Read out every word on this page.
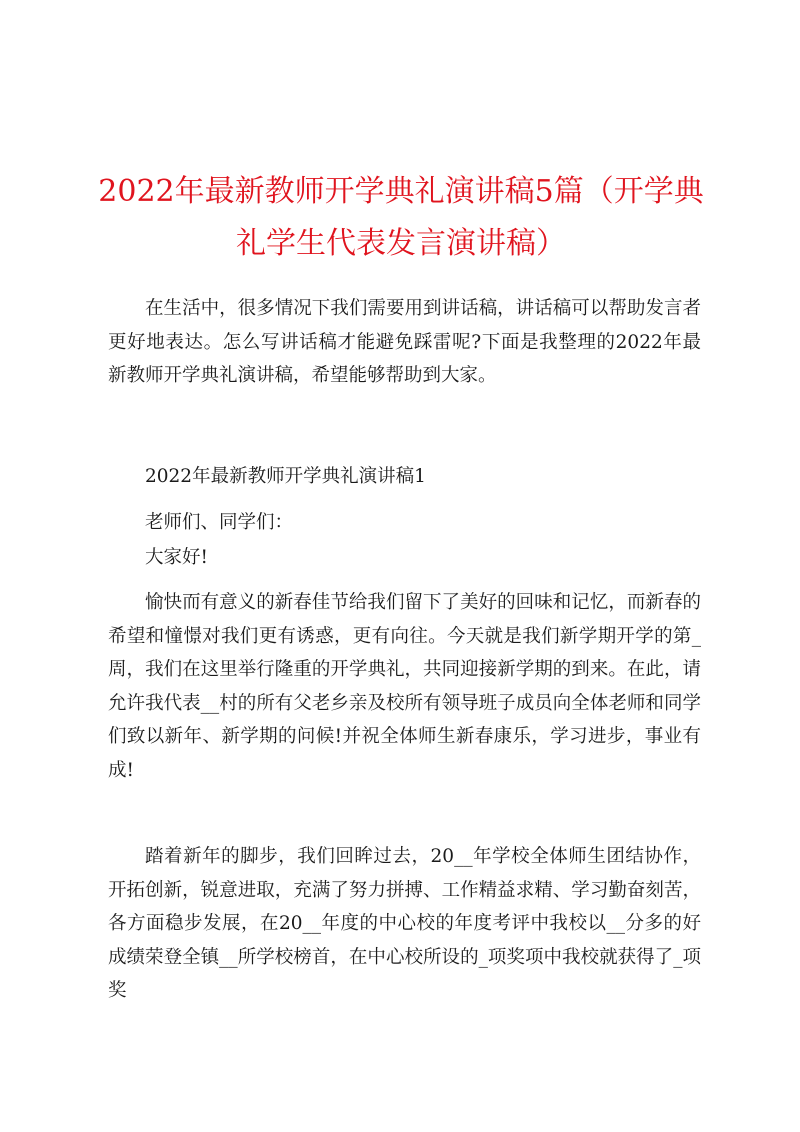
2022年最新教师开学典礼演讲稿5篇（开学典礼学生代表发言演讲稿）

在生活中，很多情况下我们需要用到讲话稿，讲话稿可以帮助发言者更好地表达。怎么写讲话稿才能避免踩雷呢?下面是我整理的2022年最新教师开学典礼演讲稿，希望能够帮助到大家。

2022年最新教师开学典礼演讲稿1

老师们、同学们：

大家好!

愉快而有意义的新春佳节给我们留下了美好的回味和记忆，而新春的希望和憧憬对我们更有诱惑，更有向往。今天就是我们新学期开学的第_周，我们在这里举行隆重的开学典礼，共同迎接新学期的到来。在此，请允许我代表__村的所有父老乡亲及校所有领导班子成员向全体老师和同学们致以新年、新学期的问候!并祝全体师生新春康乐，学习进步，事业有成!

踏着新年的脚步，我们回眸过去，20__年学校全体师生团结协作，开拓创新，锐意进取，充满了努力拼搏、工作精益求精、学习勤奋刻苦，各方面稳步发展，在20__年度的中心校的年度考评中我校以__分多的好成绩荣登全镇__所学校榜首，在中心校所设的_项奖项中我校就获得了_项奖
